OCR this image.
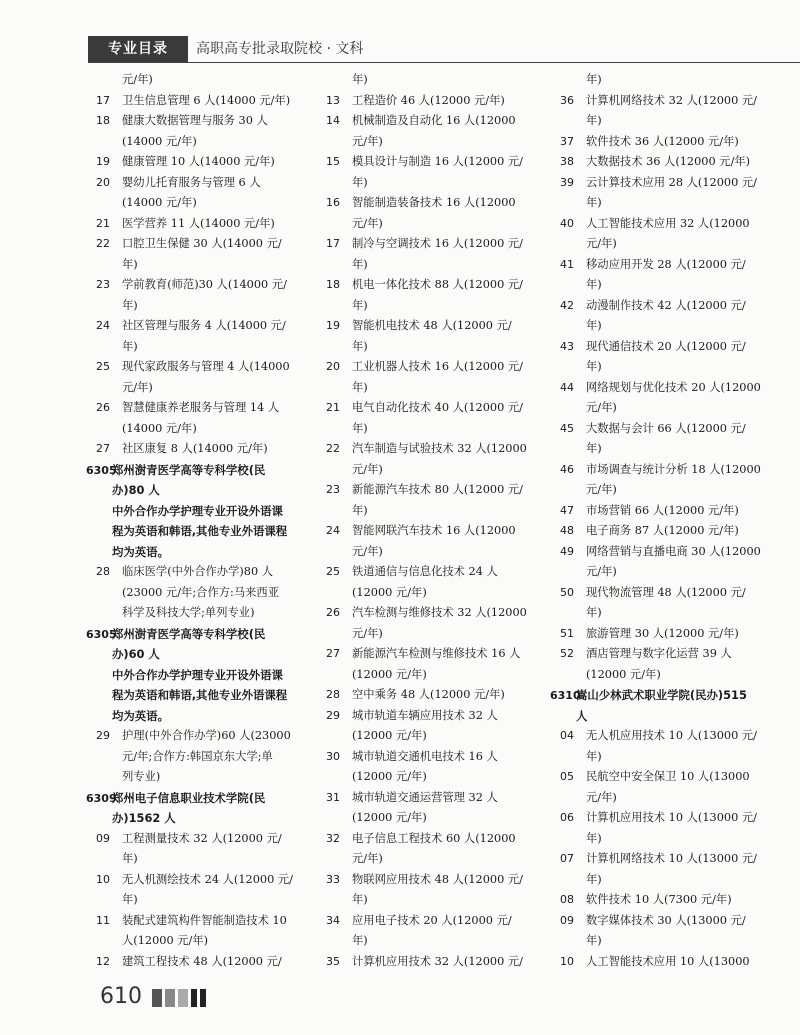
专业目录	高职高专批录取院校 · 文科
元/年)
17 卫生信息管理 6 人(14000 元/年)
18 健康大数据管理与服务 30 人
(14000 元/年)
19 健康管理 10 人(14000 元/年)
20 婴幼儿托育服务与管理 6 人
(14000 元/年)
21 医学营养 11 人(14000 元/年)
22 口腔卫生保健 30 人(14000 元/
年)
23 学前教育(师范)30 人(14000 元/
年)
24 社区管理与服务 4 人(14000 元/
年)
25 现代家政服务与管理 4 人(14000
元/年)
26 智慧健康养老服务与管理 14 人
(14000 元/年)
27 社区康复 8 人(14000 元/年)
6305郑州澍青医学高等专科学校(民
办)80 人
中外合作办学护理专业开设外语课
程为英语和韩语,其他专业外语课程
均为英语。
28 临床医学(中外合作办学)80 人
(23000 元/年;合作方:马来西亚
科学及科技大学;单列专业)
6305郑州澍青医学高等专科学校(民
办)60 人
中外合作办学护理专业开设外语课
程为英语和韩语,其他专业外语课程
均为英语。
29 护理(中外合作办学)60 人(23000
元/年;合作方:韩国京东大学;单
列专业)
6309郑州电子信息职业技术学院(民
办)1562 人
09 工程测量技术 32 人(12000 元/
年)
10 无人机测绘技术 24 人(12000 元/
年)
11 装配式建筑构件智能制造技术 10
人(12000 元/年)
12 建筑工程技术 48 人(12000 元/
年)
13 工程造价 46 人(12000 元/年)
14 机械制造及自动化 16 人(12000
元/年)
15 模具设计与制造 16 人(12000 元/
年)
16 智能制造装备技术 16 人(12000
元/年)
17 制冷与空调技术 16 人(12000 元/
年)
18 机电一体化技术 88 人(12000 元/
年)
19 智能机电技术 48 人(12000 元/
年)
20 工业机器人技术 16 人(12000 元/
年)
21 电气自动化技术 40 人(12000 元/
年)
22 汽车制造与试验技术 32 人(12000
元/年)
23 新能源汽车技术 80 人(12000 元/
年)
24 智能网联汽车技术 16 人(12000
元/年)
25 铁道通信与信息化技术 24 人
(12000 元/年)
26 汽车检测与维修技术 32 人(12000
元/年)
27 新能源汽车检测与维修技术 16 人
(12000 元/年)
28 空中乘务 48 人(12000 元/年)
29 城市轨道车辆应用技术 32 人
(12000 元/年)
30 城市轨道交通机电技术 16 人
(12000 元/年)
31 城市轨道交通运营管理 32 人
(12000 元/年)
32 电子信息工程技术 60 人(12000
元/年)
33 物联网应用技术 48 人(12000 元/
年)
34 应用电子技术 20 人(12000 元/
年)
35 计算机应用技术 32 人(12000 元/
年)
36 计算机网络技术 32 人(12000 元/
年)
37 软件技术 36 人(12000 元/年)
38 大数据技术 36 人(12000 元/年)
39 云计算技术应用 28 人(12000 元/
年)
40 人工智能技术应用 32 人(12000
元/年)
41 移动应用开发 28 人(12000 元/
年)
42 动漫制作技术 42 人(12000 元/
年)
43 现代通信技术 20 人(12000 元/
年)
44 网络规划与优化技术 20 人(12000
元/年)
45 大数据与会计 66 人(12000 元/
年)
46 市场调查与统计分析 18 人(12000
元/年)
47 市场营销 66 人(12000 元/年)
48 电子商务 87 人(12000 元/年)
49 网络营销与直播电商 30 人(12000
元/年)
50 现代物流管理 48 人(12000 元/
年)
51 旅游管理 30 人(12000 元/年)
52 酒店管理与数字化运营 39 人
(12000 元/年)
6310嵩山少林武术职业学院(民办)515
人
04 无人机应用技术 10 人(13000 元/
年)
05 民航空中安全保卫 10 人(13000
元/年)
06 计算机应用技术 10 人(13000 元/
年)
07 计算机网络技术 10 人(13000 元/
年)
08 软件技术 10 人(7300 元/年)
09 数字媒体技术 30 人(13000 元/
年)
10 人工智能技术应用 10 人(13000
610
